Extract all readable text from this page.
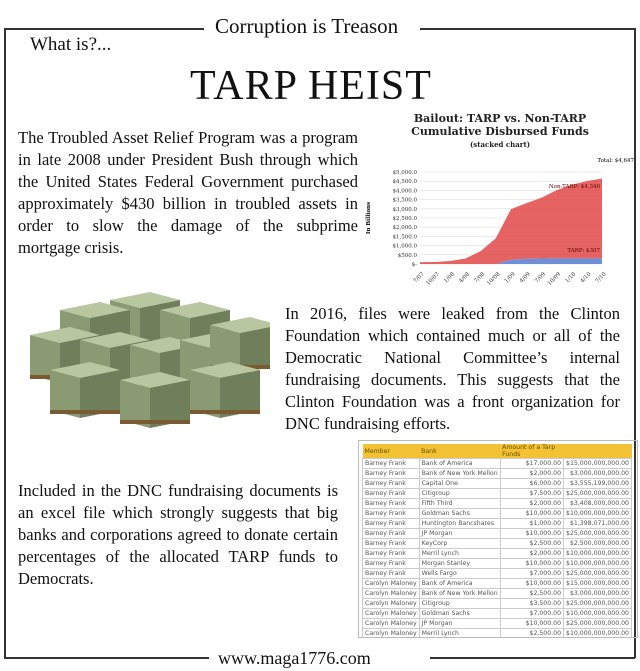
What is?...
Corruption is Treason
TARP HEIST
The Troubled Asset Relief Program was a program in late 2008 under President Bush through which the United States Federal Government purchased approximately $430 billion in troubled assets in order to slow the damage of the subprime mortgage crisis.
In 2016, files were leaked from the Clinton Foundation which contained much or all of the Democratic National Committee’s internal fundraising documents. This suggests that the Clinton Foundation was a front organization for DNC fundraising efforts.
Included in the DNC fundraising documents is an excel file which strongly suggests that big banks and corporations agreed to donate certain percentages of the allocated TARP funds to Democrats.
$-
$500.0
$1,000.0
$1,500.0
$2,000.0
$2,500.0
$3,000.0
$3,500.0
$4,000.0
$4,500.0
$5,000.0
7/07 10/07 1/08 4/08 7/08 10/08 1/09 4/09 7/09 10/09 1/10 4/10 7/10
In Billions
Total: $4,647
Non-TARP: $4,340
TARP: $307
Bailout: TARP vs. Non-TARP
Cumulative Disbursed Funds
(stacked chart)
Member	Bank	Amount of a Tarp Funds	
Barney Frank	Bank of America	$17,000.00	$15,000,000,000.00
Barney Frank	Bank of New York Mellon	$2,000.00	$3,000,000,000.00
Barney Frank	Capital One	$6,000.00	$3,555,199,000.00
Barney Frank	Citigroup	$7,500.00	$25,000,000,000.00
Barney Frank	Fifth Third	$2,000.00	$3,408,000,000.00
Barney Frank	Goldman Sachs	$10,000.00	$10,000,000,000.00
Barney Frank	Huntington Bancshares	$1,000.00	$1,398,071,000.00
Barney Frank	JP Morgan	$10,000.00	$25,000,000,000.00
Barney Frank	KeyCorp	$2,500.00	$2,500,000,000.00
Barney Frank	Merril Lynch	$2,000.00	$10,000,000,000.00
Barney Frank	Morgan Stanley	$10,000.00	$10,000,000,000.00
Barney Frank	Wells Fargo	$7,000.00	$25,000,000,000.00
Carolyn Maloney	Bank of America	$10,000.00	$15,000,000,000.00
Carolyn Maloney	Bank of New York Mellon	$2,500.00	$3,000,000,000.00
Carolyn Maloney	Citigroup	$3,500.00	$25,000,000,000.00
Carolyn Maloney	Goldman Sachs	$7,000.00	$10,000,000,000.00
Carolyn Maloney	JP Morgan	$10,000.00	$25,000,000,000.00
Carolyn Maloney	Merril Lynch	$2,500.00	$10,000,000,000.00
www.maga1776.com
